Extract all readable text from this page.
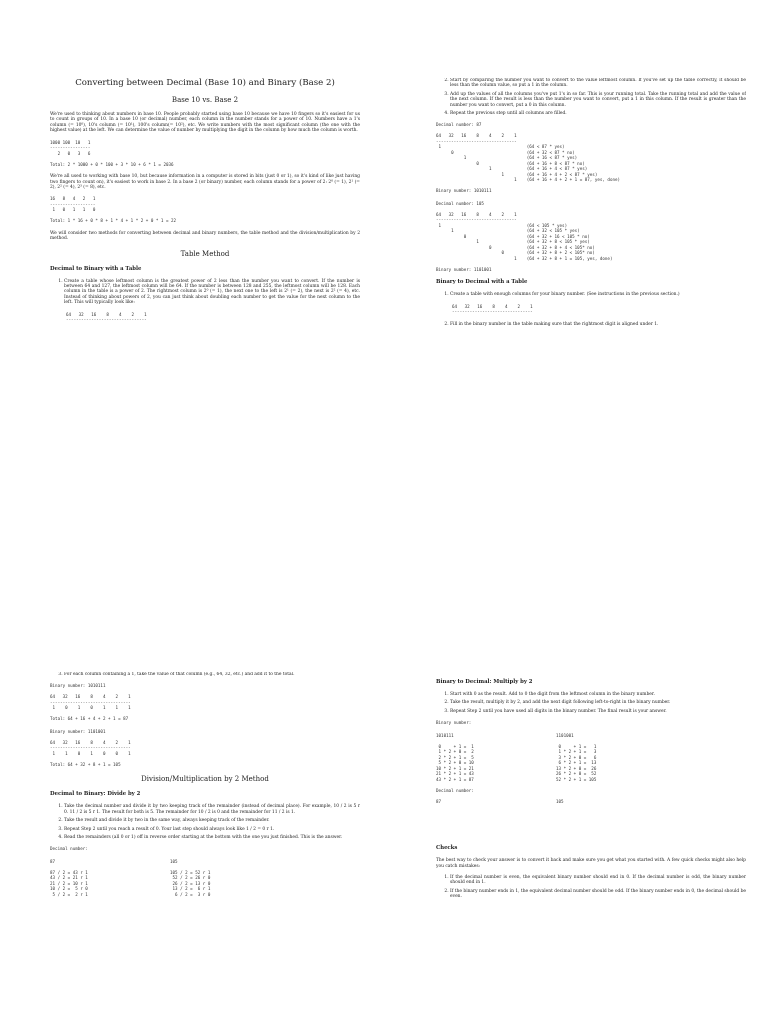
Converting between Decimal (Base 10) and Binary (Base 2)
Base 10 vs. Base 2

We're used to thinking about numbers in base 10. People probably started using base 10 because we have 10 fingers so it's easiest for us to count in groups of 10. In a base 10 (or decimal) number, each column in the number stands for a power of 10. Numbers have a 1's column (= 10⁰), 10's column (= 10¹), 100's column(= 10²), etc. We write numbers with the most significant column (the one with the highest value) at the left. We can determine the value of number by multiplying the digit in the column by how much the column is worth.

1000 100  10   1
----------------
2   0   3   6

Total: 2 * 1000 + 0 * 100 + 3 * 10 + 6 * 1 = 2036

We're all used to working with base 10, but because information in a computer is stored in bits (just 0 or 1), so it's kind of like just having two fingers to count on), it's easiest to work in base 2. In a base 2 (or binary) number, each column stands for a power of 2: 2⁰ (= 1), 2¹ (= 2), 2² (= 4), 2³ (= 8), etc.

16   8   4   2   1
------------------
1   0   1   1   0

Total: 1 * 16 + 0 * 8 + 1 * 4 + 1 * 2 + 0 * 1 = 22

We will consider two methods for converting between decimal and binary numbers, the table method and the division/multiplication by 2 method.

Table Method
Decimal to Binary with a Table
1. Create a table whose leftmost column is the greatest power of 2 less than the number you want to convert. If the number is between 64 and 127, the leftmost column will be 64. If the number is between 128 and 255, the leftmost column will be 128. Each column in the table is a power of 2. The rightmost column is 2⁰ (= 1), the next one to the left is 2¹ (= 2), the next is 2² (= 4), etc. Instead of thinking about powers of 2, you can just think about doubling each number to get the value for the next column to the left. This will typically look like:
64   32   16    8    4    2    1
--------------------------------
2. Start by comparing the number you want to convert to the value leftmost column. If you've set up the table correctly, it should be less than the column value, so put a 1 in the column.
3. Add up the values of all the columns you've put 1's in so far. This is your running total. Take the running total and add the value of the next column. If the result is less than the number you want to convert, put a 1 in this column. If the result is greater than the number you want to convert, put a 0 in this column.
4. Repeat the previous step until all columns are filled.
Decimal number: 87

64   32   16    8    4    2    1
--------------------------------
1                                  (64 < 87 * yes)
0                             (64 + 32 < 87 * no)
1                        (64 + 16 < 87 * yes)
0                   (64 + 16 + 8 < 87 * no)
1              (64 + 16 + 4 < 87 * yes)
1         (64 + 16 + 4 + 2 < 87 * yes)
1    (64 + 16 + 4 + 2 + 1 = 87, yes, done)

Binary number: 1010111
Decimal number: 105

64   32   16    8    4    2    1
--------------------------------
1                                  (64 < 105 * yes)
1                             (64 + 32 < 105 * yes)
0                        (64 + 32 + 16 < 105 * no)
1                   (64 + 32 + 8 < 105 * yes)
0              (64 + 32 + 8 + 4 < 105* no)
0         (64 + 32 + 8 + 2 < 105* no)
1    (64 + 32 + 8 + 1 = 105, yes, done)

Binary number: 1101001
Binary to Decimal with a Table
1. Create a table with enough columns for your binary number. (See instructions in the previous section.)
64   32   16    8    4    2    1
--------------------------------
2. Fill in the binary number in the table making sure that the rightmost digit is aligned under 1.
3. For each column containing a 1, take the value of that column (e.g., 64, 32, etc.) and add it to the total.
Binary number: 1010111

64   32   16    8    4    2    1
--------------------------------
1    0    1    0    1    1    1

Total: 64 + 16 + 4 + 2 + 1 = 87
Binary number: 1101001

64   32   16    8    4    2    1
--------------------------------
1    1    0    1    0    0    1

Total: 64 + 32 + 8 + 1 = 105
Division/Multiplication by 2 Method
Decimal to Binary: Divide by 2
1. Take the decimal number and divide it by two keeping track of the remainder (instead of decimal place). For example, 10 / 2 is 5 r 0. 11 / 2 is 5 r 1. The result for both is 5. The remainder for 10 / 2 is 0 and the remainder for 11 / 2 is 1.
2. Take the result and divide it by two in the same way, always keeping track of the remainder.
3. Repeat Step 2 until you reach a result of 0. Your last step should always look like 1 / 2 = 0 r 1.
4. Read the remainders (all 0 or 1) off in reverse order starting at the bottom with the one you just finished. This is the answer.
Decimal number:
87

87 / 2 = 43 r 1
43 / 2 = 21 r 1
21 / 2 = 10 r 1
10 / 2 =  5 r 0
5 / 2 =  2 r 1
105

105 / 2 = 52 r 1
52 / 2 = 26 r 0
26 / 2 = 13 r 0
13 / 2 =  6 r 1
6 / 2 =  3 r 0
Binary to Decimal: Multiply by 2
1. Start with 0 as the result. Add to 0 the digit from the leftmost column in the binary number.
2. Take the result, multiply it by 2, and add the next digit following left-to-right in the binary number.
3. Repeat Step 2 until you have used all digits in the binary number. The final result is your answer.
Binary number:
1010111

0     + 1 =  1
1 * 2 + 0 =  2
2 * 2 + 1 =  5
5 * 2 + 0 = 10
10 * 2 + 1 = 21
21 * 2 + 1 = 43
43 * 2 + 1 = 87

Decimal number:

87
1101001

0     + 1 =   1
1 * 2 + 1 =   3
3 * 2 + 0 =   6
6 * 2 + 1 =  13
13 * 2 + 0 =  26
26 * 2 + 0 =  52
52 * 2 + 1 = 105

105
Checks

The best way to check your answer is to convert it back and make sure you get what you started with. A few quick checks might also help you catch mistakes:

1. If the decimal number is even, the equivalent binary number should end in 0. If the decimal number is odd, the binary number should end in 1.
2. If the binary number ends in 1, the equivalent decimal number should be odd. If the binary number ends in 0, the decimal should be even.
